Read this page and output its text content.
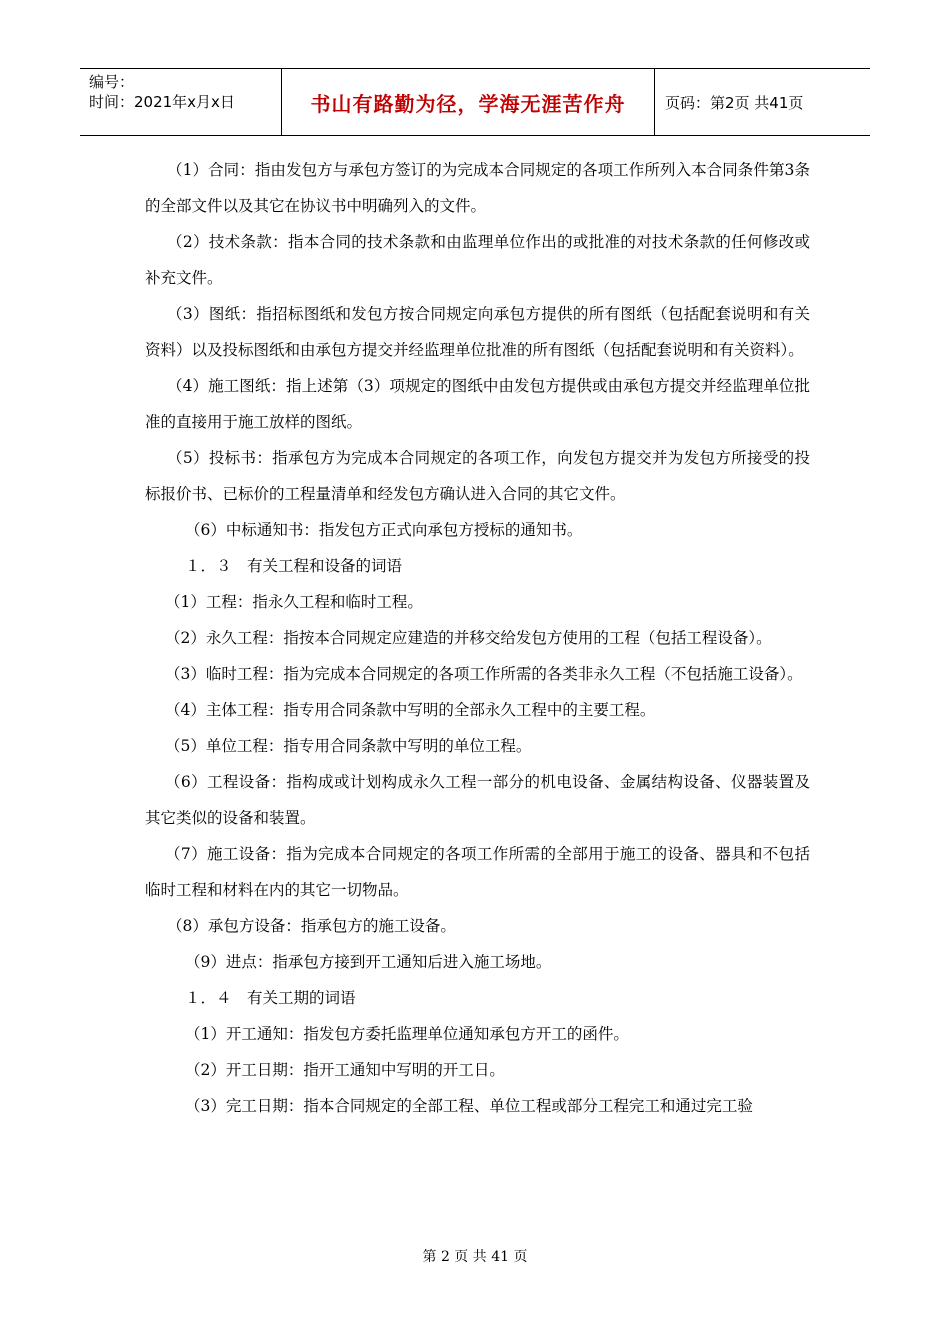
编号：
时间：2021年x月x日	书山有路勤为径，学海无涯苦作舟	页码：第2页 共41页

（1）合同：指由发包方与承包方签订的为完成本合同规定的各项工作所列入本合同条件第3条的全部文件以及其它在协议书中明确列入的文件。

（2）技术条款：指本合同的技术条款和由监理单位作出的或批准的对技术条款的任何修改或补充文件。

（3）图纸：指招标图纸和发包方按合同规定向承包方提供的所有图纸（包括配套说明和有关资料）以及投标图纸和由承包方提交并经监理单位批准的所有图纸（包括配套说明和有关资料）。

（4）施工图纸：指上述第（3）项规定的图纸中由发包方提供或由承包方提交并经监理单位批准的直接用于施工放样的图纸。

（5）投标书：指承包方为完成本合同规定的各项工作，向发包方提交并为发包方所接受的投标报价书、已标价的工程量清单和经发包方确认进入合同的其它文件。

（6）中标通知书：指发包方正式向承包方授标的通知书。

１．３　有关工程和设备的词语

（1）工程：指永久工程和临时工程。

（2）永久工程：指按本合同规定应建造的并移交给发包方使用的工程（包括工程设备）。

（3）临时工程：指为完成本合同规定的各项工作所需的各类非永久工程（不包括施工设备）。

（4）主体工程：指专用合同条款中写明的全部永久工程中的主要工程。

（5）单位工程：指专用合同条款中写明的单位工程。

（6）工程设备：指构成或计划构成永久工程一部分的机电设备、金属结构设备、仪器装置及其它类似的设备和装置。

（7）施工设备：指为完成本合同规定的各项工作所需的全部用于施工的设备、器具和不包括临时工程和材料在内的其它一切物品。

（8）承包方设备：指承包方的施工设备。

（9）进点：指承包方接到开工通知后进入施工场地。

１．４　有关工期的词语

（1）开工通知：指发包方委托监理单位通知承包方开工的函件。

（2）开工日期：指开工通知中写明的开工日。

（3）完工日期：指本合同规定的全部工程、单位工程或部分工程完工和通过完工验

第 2 页 共 41 页
